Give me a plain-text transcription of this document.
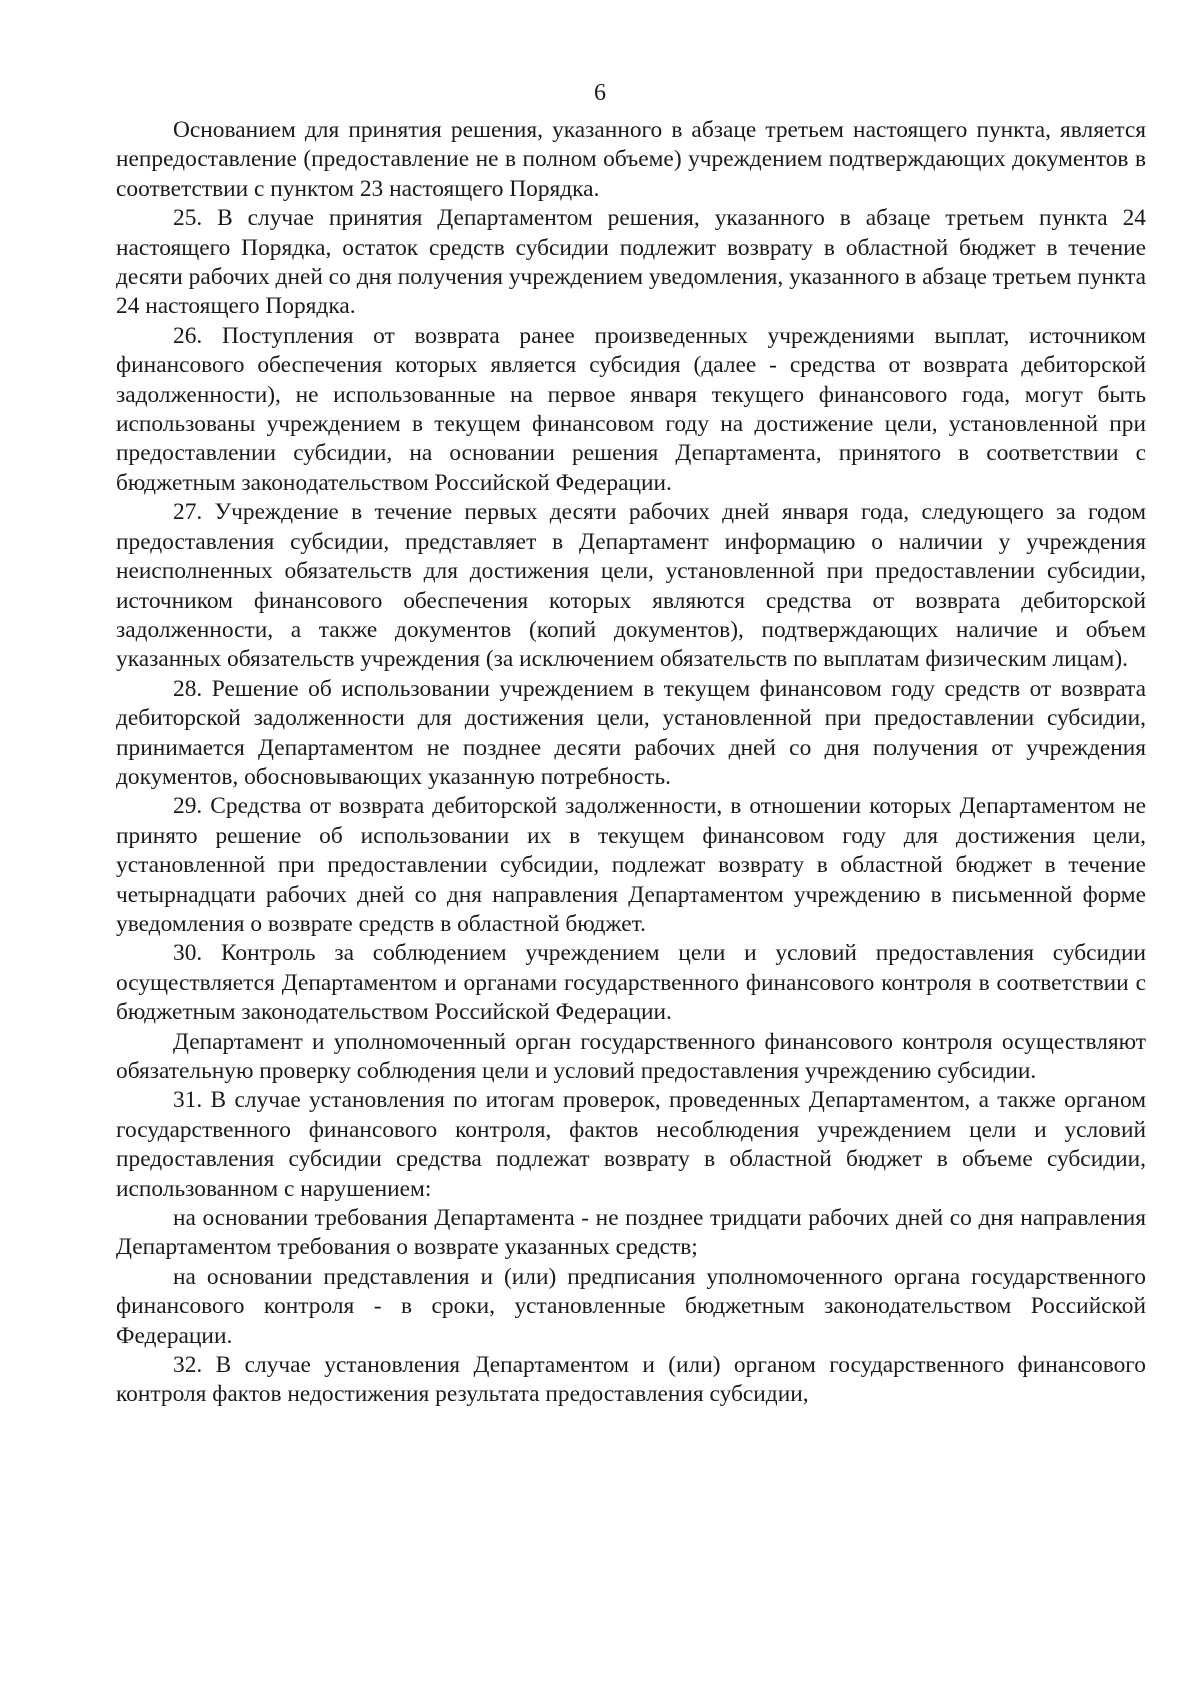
6

Основанием для принятия решения, указанного в абзаце третьем настоящего пункта, является непредоставление (предоставление не в полном объеме) учреждением подтверждающих документов в соответствии с пунктом 23 настоящего Порядка.

25. В случае принятия Департаментом решения, указанного в абзаце третьем пункта 24 настоящего Порядка, остаток средств субсидии подлежит возврату в областной бюджет в течение десяти рабочих дней со дня получения учреждением уведомления, указанного в абзаце третьем пункта 24 настоящего Порядка.

26. Поступления от возврата ранее произведенных учреждениями выплат, источником финансового обеспечения которых является субсидия (далее - средства от возврата дебиторской задолженности), не использованные на первое января текущего финансового года, могут быть использованы учреждением в текущем финансовом году на достижение цели, установленной при предоставлении субсидии, на основании решения Департамента, принятого в соответствии с бюджетным законодательством Российской Федерации.

27. Учреждение в течение первых десяти рабочих дней января года, следующего за годом предоставления субсидии, представляет в Департамент информацию о наличии у учреждения неисполненных обязательств для достижения цели, установленной при предоставлении субсидии, источником финансового обеспечения которых являются средства от возврата дебиторской задолженности, а также документов (копий документов), подтверждающих наличие и объем указанных обязательств учреждения (за исключением обязательств по выплатам физическим лицам).

28. Решение об использовании учреждением в текущем финансовом году средств от возврата дебиторской задолженности для достижения цели, установленной при предоставлении субсидии, принимается Департаментом не позднее десяти рабочих дней со дня получения от учреждения документов, обосновывающих указанную потребность.

29. Средства от возврата дебиторской задолженности, в отношении которых Департаментом не принято решение об использовании их в текущем финансовом году для достижения цели, установленной при предоставлении субсидии, подлежат возврату в областной бюджет в течение четырнадцати рабочих дней со дня направления Департаментом учреждению в письменной форме уведомления о возврате средств в областной бюджет.

30. Контроль за соблюдением учреждением цели и условий предоставления субсидии осуществляется Департаментом и органами государственного финансового контроля в соответствии с бюджетным законодательством Российской Федерации.

Департамент и уполномоченный орган государственного финансового контроля осуществляют обязательную проверку соблюдения цели и условий предоставления учреждению субсидии.

31. В случае установления по итогам проверок, проведенных Департаментом, а также органом государственного финансового контроля, фактов несоблюдения учреждением цели и условий предоставления субсидии средства подлежат возврату в областной бюджет в объеме субсидии, использованном с нарушением:

на основании требования Департамента - не позднее тридцати рабочих дней со дня направления Департаментом требования о возврате указанных средств;

на основании представления и (или) предписания уполномоченного органа государственного финансового контроля - в сроки, установленные бюджетным законодательством Российской Федерации.

32. В случае установления Департаментом и (или) органом государственного финансового контроля фактов недостижения результата предоставления субсидии,
